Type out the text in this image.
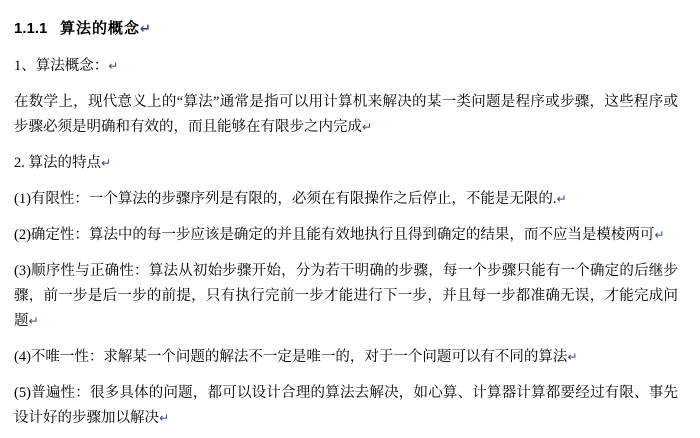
1.1.1 算法的概念↵

1、算法概念：↵

在数学上，现代意义上的“算法”通常是指可以用计算机来解决的某一类问题是程序或步骤，这些程序或步骤必须是明确和有效的，而且能够在有限步之内完成↵

2. 算法的特点↵

(1)有限性：一个算法的步骤序列是有限的，必须在有限操作之后停止，不能是无限的.↵

(2)确定性：算法中的每一步应该是确定的并且能有效地执行且得到确定的结果，而不应当是模棱两可↵

(3)顺序性与正确性：算法从初始步骤开始，分为若干明确的步骤，每一个步骤只能有一个确定的后继步骤，前一步是后一步的前提，只有执行完前一步才能进行下一步，并且每一步都准确无误，才能完成问题↵

(4)不唯一性：求解某一个问题的解法不一定是唯一的，对于一个问题可以有不同的算法↵

(5)普遍性：很多具体的问题，都可以设计合理的算法去解决，如心算、计算器计算都要经过有限、事先设计好的步骤加以解决↵
